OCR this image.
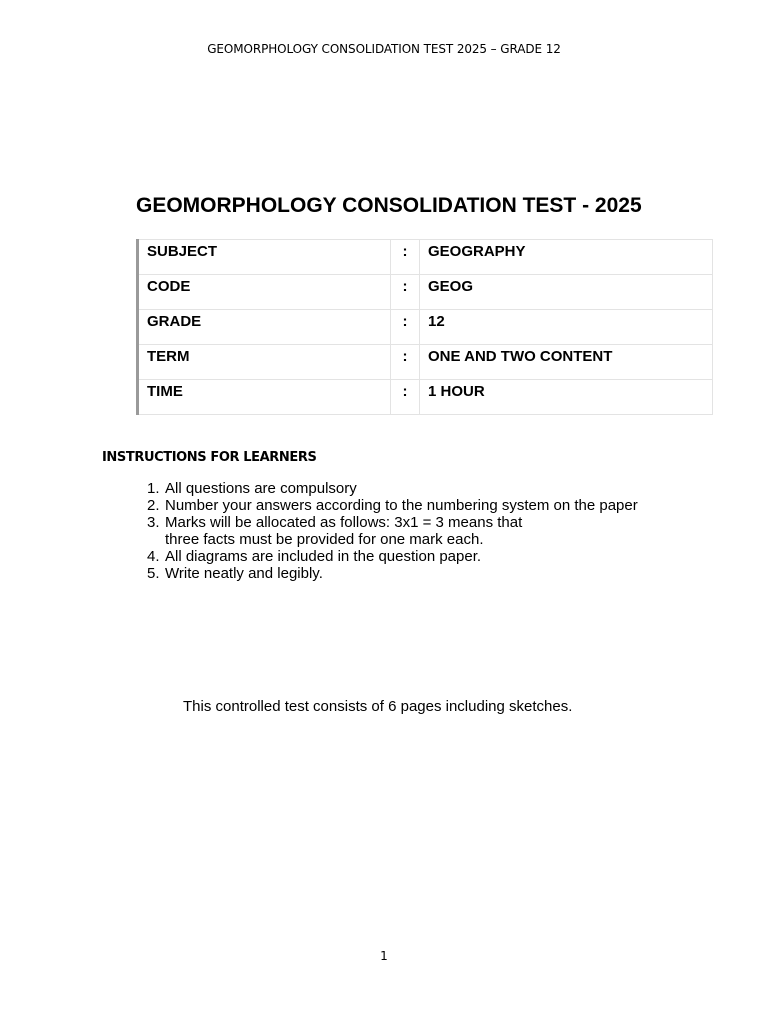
GEOMORPHOLOGY CONSOLIDATION TEST 2025 – GRADE 12
GEOMORPHOLOGY CONSOLIDATION TEST - 2025
SUBJECT	:	GEOGRAPHY
CODE	:	GEOG
GRADE	:	12
TERM	:	ONE AND TWO CONTENT
TIME	:	1 HOUR
INSTRUCTIONS FOR LEARNERS
1. All questions are compulsory
2. Number your answers according to the numbering system on the paper
3. Marks will be allocated as follows: 3x1 = 3 means that
three facts must be provided for one mark each.
4. All diagrams are included in the question paper.
5. Write neatly and legibly.
This controlled test consists of 6 pages including sketches.
1
